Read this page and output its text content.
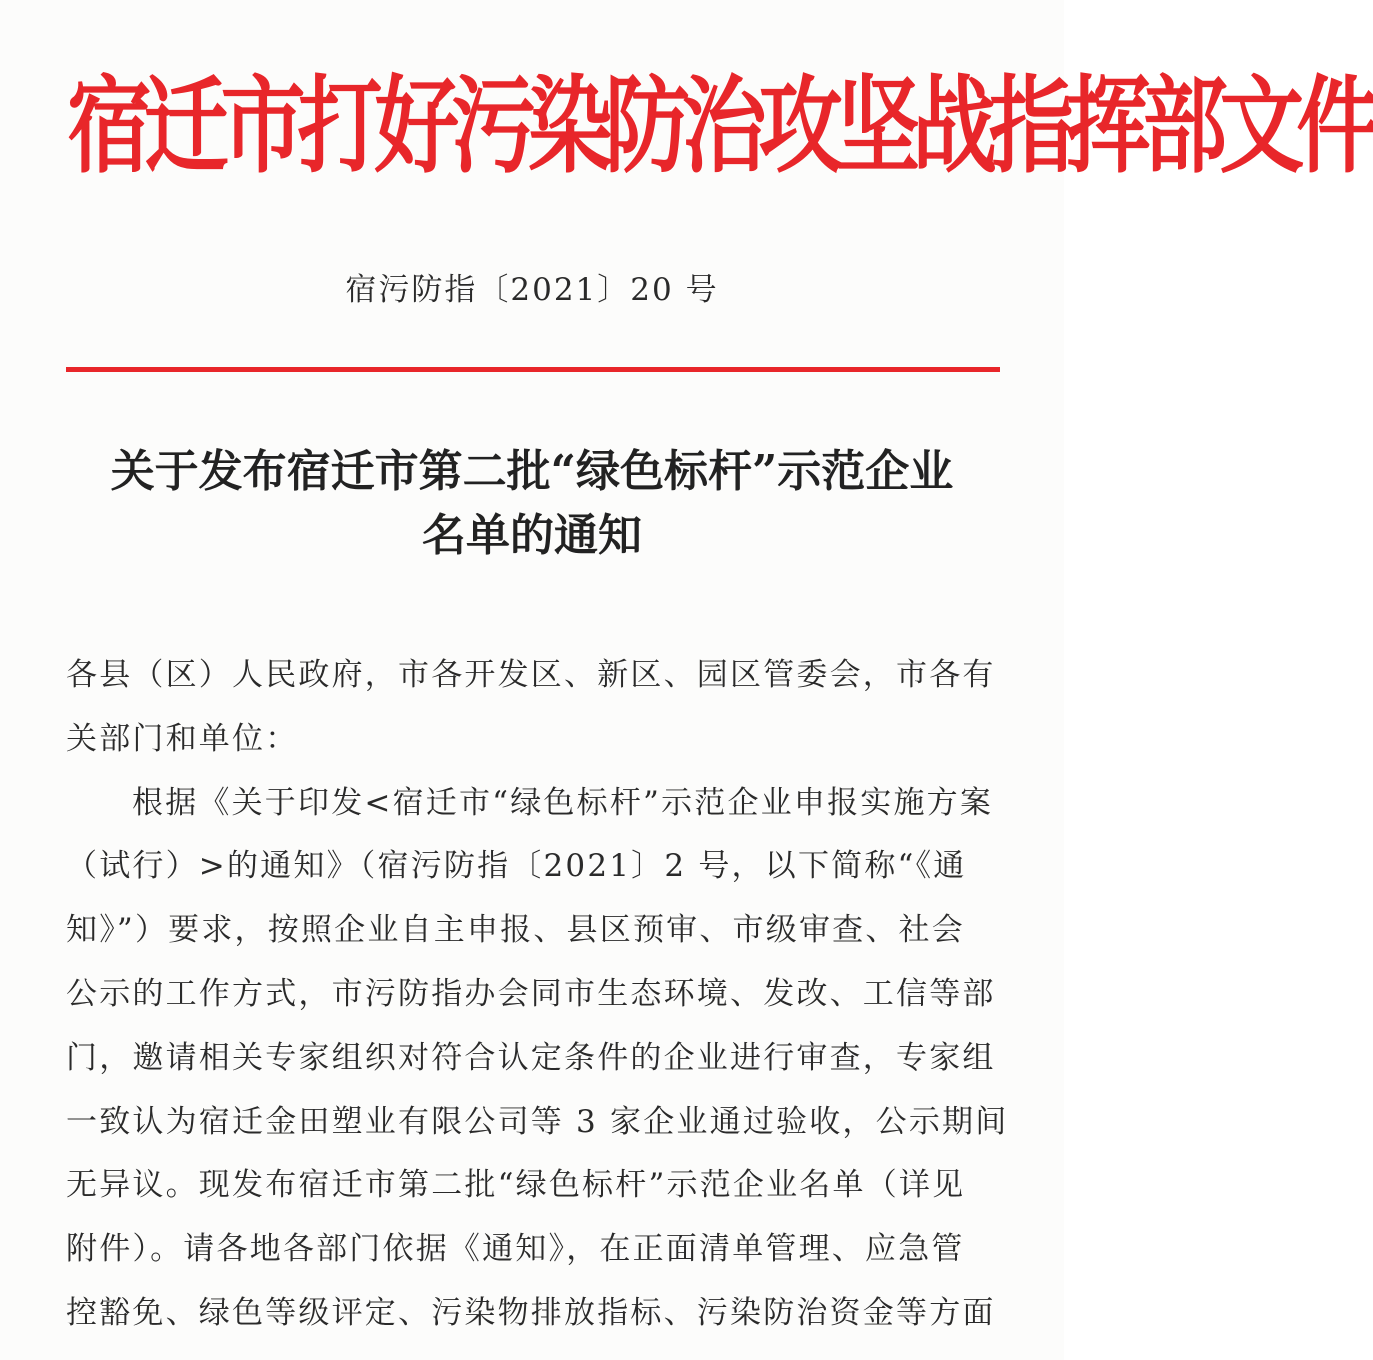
宿迁市打好污染防治攻坚战指挥部文件
宿污防指〔2021〕20 号
关于发布宿迁市第二批“绿色标杆”示范企业
名单的通知
各县（区）人民政府，市各开发区、新区、园区管委会，市各有
关部门和单位：
根据《关于印发<宿迁市“绿色标杆”示范企业申报实施方案
（试行）>的通知》（宿污防指〔2021〕2 号，以下简称“《通
知》”）要求，按照企业自主申报、县区预审、市级审查、社会
公示的工作方式，市污防指办会同市生态环境、发改、工信等部
门，邀请相关专家组织对符合认定条件的企业进行审查，专家组
一致认为宿迁金田塑业有限公司等 3 家企业通过验收，公示期间
无异议。现发布宿迁市第二批“绿色标杆”示范企业名单（详见
附件）。请各地各部门依据《通知》，在正面清单管理、应急管
控豁免、绿色等级评定、污染物排放指标、污染防治资金等方面
